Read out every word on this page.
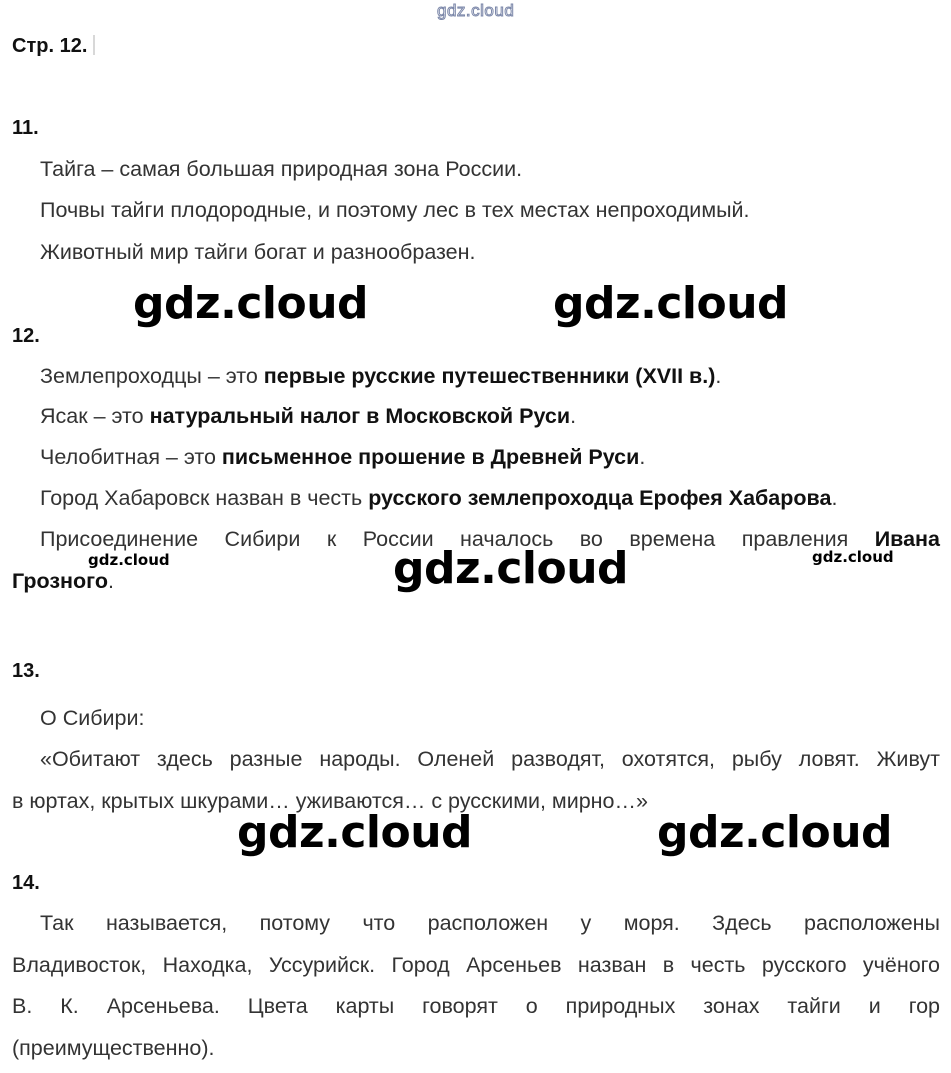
gdz.cloud
Стр. 12.
11.
Тайга – самая большая природная зона России.
Почвы тайги плодородные, и поэтому лес в тех местах непроходимый.
Животный мир тайги богат и разнообразен.
gdz.cloud	gdz.cloud
12.
Землепроходцы – это первые русские путешественники (XVII в.).
Ясак – это натуральный налог в Московской Руси.
Челобитная – это письменное прошение в Древней Руси.
Город Хабаровск назван в честь русского землепроходца Ерофея Хабарова.
Присоединение Сибири к России началось во времена правления Ивана
Грозного.
gdz.cloud	gdz.cloud
gdz.cloud
13.
О Сибири:
«Обитают здесь разные народы. Оленей разводят, охотятся, рыбу ловят. Живут
в юртах, крытых шкурами… уживаются… с русскими, мирно…»
gdz.cloud	gdz.cloud
14.
Так называется, потому что расположен у моря. Здесь расположены
Владивосток, Находка, Уссурийск. Город Арсеньев назван в честь русского учёного
В. К. Арсеньева. Цвета карты говорят о природных зонах тайги и гор
(преимущественно).
